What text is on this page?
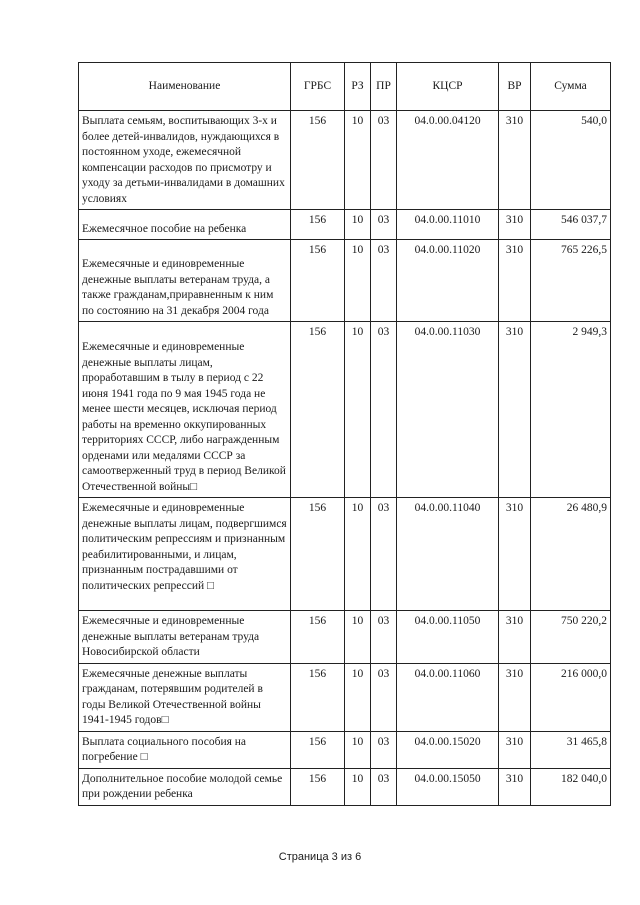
Наименование	ГРБС	РЗ	ПР	КЦСР	ВР	Сумма
Выплата семьям, воспитывающих 3-х и более детей-инвалидов, нуждающихся в постоянном уходе, ежемесячной компенсации расходов по присмотру и уходу за детьми-инвалидами в домашних условиях	156	10	03	04.0.00.04120	310	540,0
Ежемесячное пособие на ребенка	156	10	03	04.0.00.11010	310	546 037,7
Ежемесячные и единовременные денежные выплаты ветеранам труда, а также гражданам,приравненным к ним по состоянию на 31 декабря 2004 года	156	10	03	04.0.00.11020	310	765 226,5
Ежемесячные и единовременные денежные выплаты лицам, проработавшим в тылу в период с 22 июня 1941 года по 9 мая 1945 года не менее шести месяцев, исключая период работы на временно оккупированных территориях СССР, либо награжденным орденами или медалями СССР за самоотверженный труд в период Великой Отечественной войны□	156	10	03	04.0.00.11030	310	2 949,3
Ежемесячные и единовременные денежные выплаты лицам, подвергшимся политическим репрессиям и признанным реабилитированными, и лицам, признанным пострадавшими от политических репрессий □	156	10	03	04.0.00.11040	310	26 480,9
Ежемесячные и единовременные денежные выплаты ветеранам труда Новосибирской области	156	10	03	04.0.00.11050	310	750 220,2
Ежемесячные денежные выплаты гражданам, потерявшим родителей в годы Великой Отечественной войны 1941-1945 годов□	156	10	03	04.0.00.11060	310	216 000,0
Выплата социального пособия на погребение □	156	10	03	04.0.00.15020	310	31 465,8
Дополнительное пособие молодой семье при рождении ребенка	156	10	03	04.0.00.15050	310	182 040,0
Страница 3 из 6
